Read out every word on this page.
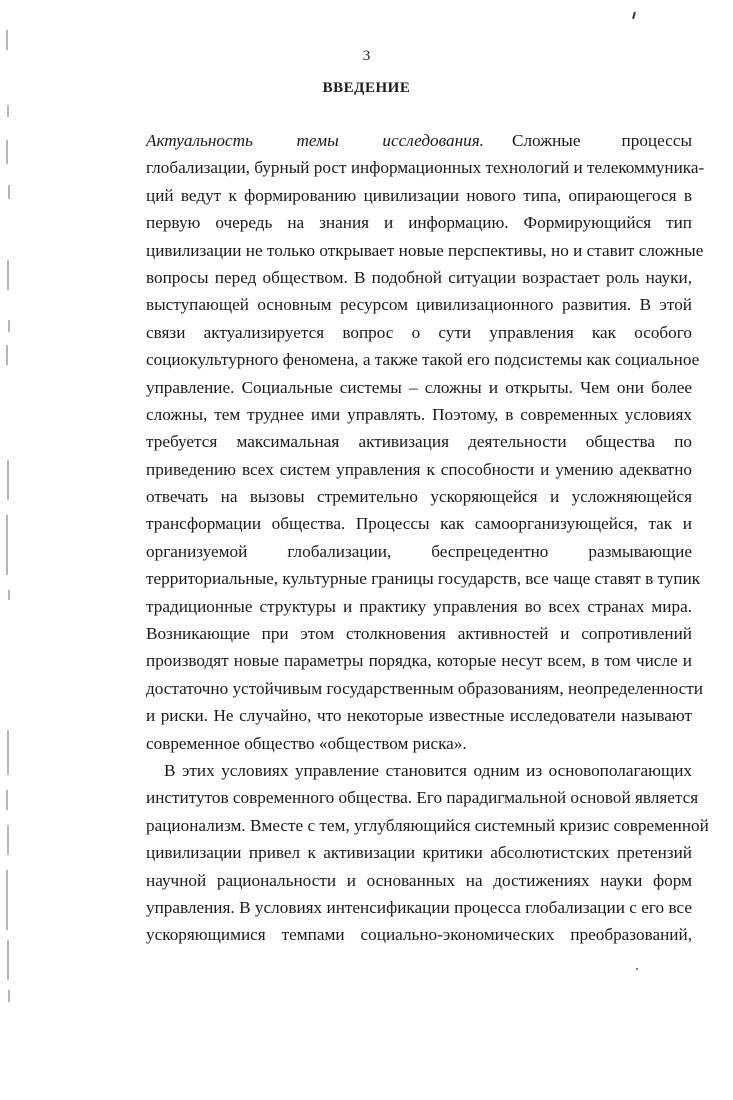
3
ВВЕДЕНИЕ
Актуальность	темы	исследования. Сложные процессы
глобализации, бурный рост информационных технологий и телекоммуника-
ций ведут к формированию цивилизации нового типа, опирающегося в
первую очередь на знания и информацию. Формирующийся тип
цивилизации не только открывает новые перспективы, но и ставит сложные
вопросы перед обществом. В подобной ситуации возрастает роль науки,
выступающей основным ресурсом цивилизационного развития. В этой
связи актуализируется вопрос о сути управления как особого
социокультурного феномена, а также такой его подсистемы как социальное
управление. Социальные системы – сложны и открыты. Чем они более
сложны, тем труднее ими управлять. Поэтому, в современных условиях
требуется максимальная активизация деятельности общества по
приведению всех систем управления к способности и умению адекватно
отвечать на вызовы стремительно ускоряющейся и усложняющейся
трансформации общества. Процессы как самоорганизующейся, так и
организуемой глобализации, беспрецедентно размывающие
территориальные, культурные границы государств, все чаще ставят в тупик
традиционные структуры и практику управления во всех странах мира.
Возникающие при этом столкновения активностей и сопротивлений
производят новые параметры порядка, которые несут всем, в том числе и
достаточно устойчивым государственным образованиям, неопределенности
и риски. Не случайно, что некоторые известные исследователи называют
современное общество «обществом риска».
В этих условиях управление становится одним из основополагающих
институтов современного общества. Его парадигмальной основой является
рационализм. Вместе с тем, углубляющийся системный кризис современной
цивилизации привел к активизации критики абсолютистских претензий
научной рациональности и основанных на достижениях науки форм
управления. В условиях интенсификации процесса глобализации с его все
ускоряющимися темпами социально-экономических преобразований,
